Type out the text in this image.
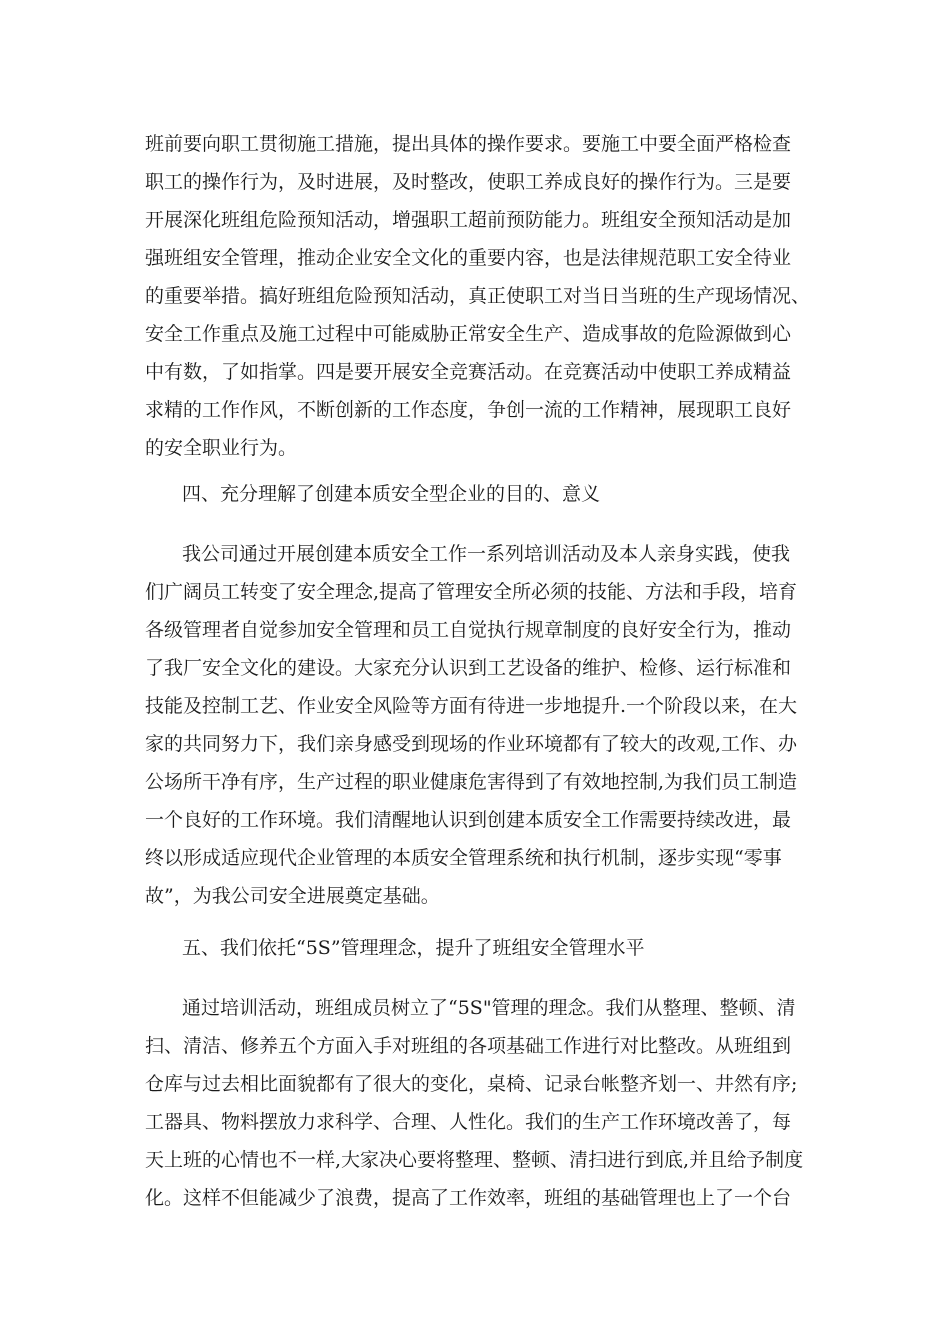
班前要向职工贯彻施工措施，提出具体的操作要求。要施工中要全面严格检查
职工的操作行为，及时进展，及时整改，使职工养成良好的操作行为。三是要
开展深化班组危险预知活动，增强职工超前预防能力。班组安全预知活动是加
强班组安全管理，推动企业安全文化的重要内容，也是法律规范职工安全待业
的重要举措。搞好班组危险预知活动，真正使职工对当日当班的生产现场情况、
安全工作重点及施工过程中可能威胁正常安全生产、造成事故的危险源做到心
中有数，了如指掌。四是要开展安全竞赛活动。在竞赛活动中使职工养成精益
求精的工作作风，不断创新的工作态度，争创一流的工作精神，展现职工良好
的安全职业行为。
四、充分理解了创建本质安全型企业的目的、意义
我公司通过开展创建本质安全工作一系列培训活动及本人亲身实践，使我
们广阔员工转变了安全理念,提高了管理安全所必须的技能、方法和手段，培育
各级管理者自觉参加安全管理和员工自觉执行规章制度的良好安全行为，推动
了我厂安全文化的建设。大家充分认识到工艺设备的维护、检修、运行标准和
技能及控制工艺、作业安全风险等方面有待进一步地提升.一个阶段以来，在大
家的共同努力下，我们亲身感受到现场的作业环境都有了较大的改观,工作、办
公场所干净有序，生产过程的职业健康危害得到了有效地控制,为我们员工制造
一个良好的工作环境。我们清醒地认识到创建本质安全工作需要持续改进，最
终以形成适应现代企业管理的本质安全管理系统和执行机制，逐步实现“零事
故”，为我公司安全进展奠定基础。
五、我们依托“5S”管理理念，提升了班组安全管理水平
通过培训活动，班组成员树立了“5S"管理的理念。我们从整理、整顿、清
扫、清洁、修养五个方面入手对班组的各项基础工作进行对比整改。从班组到
仓库与过去相比面貌都有了很大的变化，桌椅、记录台帐整齐划一、井然有序;
工器具、物料摆放力求科学、合理、人性化。我们的生产工作环境改善了，每
天上班的心情也不一样,大家决心要将整理、整顿、清扫进行到底,并且给予制度
化。这样不但能减少了浪费，提高了工作效率，班组的基础管理也上了一个台
